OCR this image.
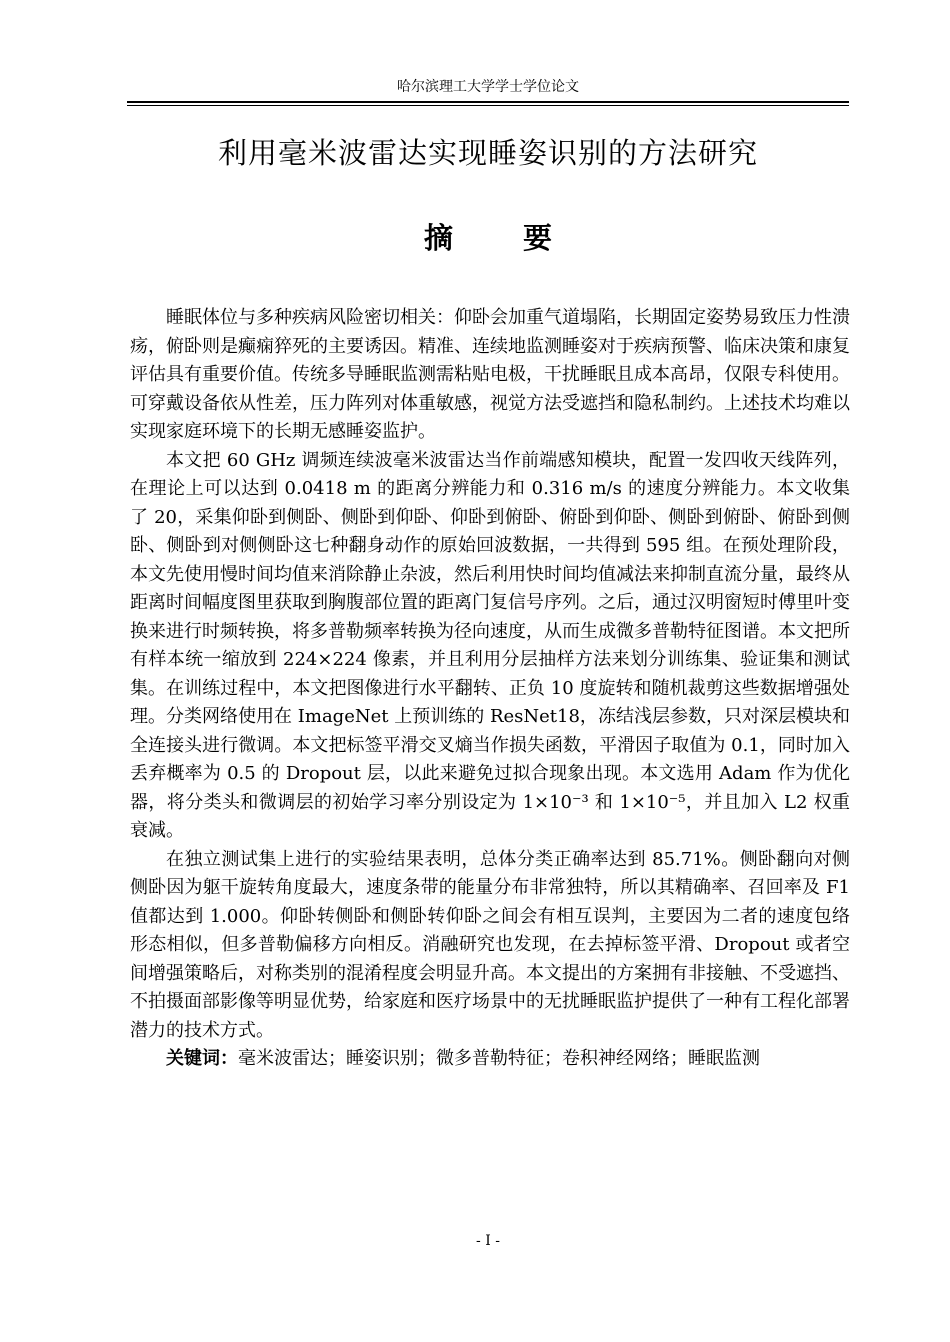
哈尔滨理工大学学士学位论文
利用毫米波雷达实现睡姿识别的方法研究
摘 要

睡眠体位与多种疾病风险密切相关：仰卧会加重气道塌陷，长期固定姿势易致压力性溃疡，俯卧则是癫痫猝死的主要诱因。精准、连续地监测睡姿对于疾病预警、临床决策和康复评估具有重要价值。传统多导睡眠监测需粘贴电极，干扰睡眠且成本高昂，仅限专科使用。可穿戴设备依从性差，压力阵列对体重敏感，视觉方法受遮挡和隐私制约。上述技术均难以实现家庭环境下的长期无感睡姿监护。

本文把 60 GHz 调频连续波毫米波雷达当作前端感知模块，配置一发四收天线阵列，在理论上可以达到 0.0418 m 的距离分辨能力和 0.316 m/s 的速度分辨能力。本文收集了 20，采集仰卧到侧卧、侧卧到仰卧、仰卧到俯卧、俯卧到仰卧、侧卧到俯卧、俯卧到侧卧、侧卧到对侧侧卧这七种翻身动作的原始回波数据，一共得到 595 组。在预处理阶段，本文先使用慢时间均值来消除静止杂波，然后利用快时间均值减法来抑制直流分量，最终从距离时间幅度图里获取到胸腹部位置的距离门复信号序列。之后，通过汉明窗短时傅里叶变换来进行时频转换，将多普勒频率转换为径向速度，从而生成微多普勒特征图谱。本文把所有样本统一缩放到 224×224 像素，并且利用分层抽样方法来划分训练集、验证集和测试集。在训练过程中，本文把图像进行水平翻转、正负 10 度旋转和随机裁剪这些数据增强处理。分类网络使用在 ImageNet 上预训练的 ResNet18，冻结浅层参数，只对深层模块和全连接头进行微调。本文把标签平滑交叉熵当作损失函数，平滑因子取值为 0.1，同时加入丢弃概率为 0.5 的 Dropout 层，以此来避免过拟合现象出现。本文选用 Adam 作为优化器，将分类头和微调层的初始学习率分别设定为 1×10⁻³ 和 1×10⁻⁵，并且加入 L2 权重衰减。

在独立测试集上进行的实验结果表明，总体分类正确率达到 85.71%。侧卧翻向对侧侧卧因为躯干旋转角度最大，速度条带的能量分布非常独特，所以其精确率、召回率及 F1 值都达到 1.000。仰卧转侧卧和侧卧转仰卧之间会有相互误判，主要因为二者的速度包络形态相似，但多普勒偏移方向相反。消融研究也发现，在去掉标签平滑、Dropout 或者空间增强策略后，对称类别的混淆程度会明显升高。本文提出的方案拥有非接触、不受遮挡、不拍摄面部影像等明显优势，给家庭和医疗场景中的无扰睡眠监护提供了一种有工程化部署潜力的技术方式。

关键词：毫米波雷达；睡姿识别；微多普勒特征；卷积神经网络；睡眠监测

- I -
